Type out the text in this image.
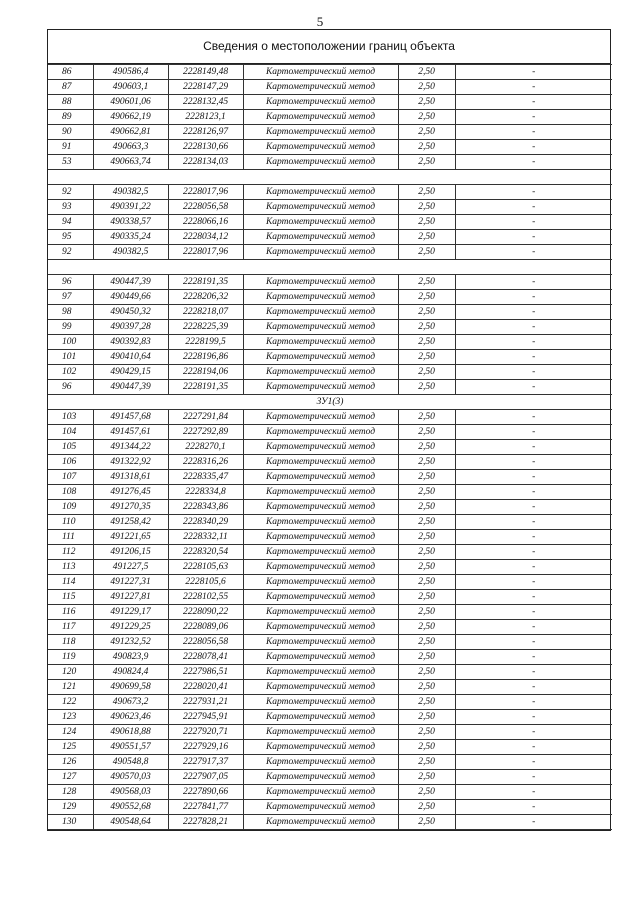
5
Сведения о местоположении границ объекта
86	490586,4	2228149,48	Картометрический метод	2,50	-
87	490603,1	2228147,29	Картометрический метод	2,50	-
88	490601,06	2228132,45	Картометрический метод	2,50	-
89	490662,19	2228123,1	Картометрический метод	2,50	-
90	490662,81	2228126,97	Картометрический метод	2,50	-
91	490663,3	2228130,66	Картометрический метод	2,50	-
53	490663,74	2228134,03	Картометрический метод	2,50	-

92	490382,5	2228017,96	Картометрический метод	2,50	-
93	490391,22	2228056,58	Картометрический метод	2,50	-
94	490338,57	2228066,16	Картометрический метод	2,50	-
95	490335,24	2228034,12	Картометрический метод	2,50	-
92	490382,5	2228017,96	Картометрический метод	2,50	-

96	490447,39	2228191,35	Картометрический метод	2,50	-
97	490449,66	2228206,32	Картометрический метод	2,50	-
98	490450,32	2228218,07	Картометрический метод	2,50	-
99	490397,28	2228225,39	Картометрический метод	2,50	-
100	490392,83	2228199,5	Картометрический метод	2,50	-
101	490410,64	2228196,86	Картометрический метод	2,50	-
102	490429,15	2228194,06	Картометрический метод	2,50	-
96	490447,39	2228191,35	Картометрический метод	2,50	-
ЗУ1(3)					
103	491457,68	2227291,84	Картометрический метод	2,50	-
104	491457,61	2227292,89	Картометрический метод	2,50	-
105	491344,22	2228270,1	Картометрический метод	2,50	-
106	491322,92	2228316,26	Картометрический метод	2,50	-
107	491318,61	2228335,47	Картометрический метод	2,50	-
108	491276,45	2228334,8	Картометрический метод	2,50	-
109	491270,35	2228343,86	Картометрический метод	2,50	-
110	491258,42	2228340,29	Картометрический метод	2,50	-
111	491221,65	2228332,11	Картометрический метод	2,50	-
112	491206,15	2228320,54	Картометрический метод	2,50	-
113	491227,5	2228105,63	Картометрический метод	2,50	-
114	491227,31	2228105,6	Картометрический метод	2,50	-
115	491227,81	2228102,55	Картометрический метод	2,50	-
116	491229,17	2228090,22	Картометрический метод	2,50	-
117	491229,25	2228089,06	Картометрический метод	2,50	-
118	491232,52	2228056,58	Картометрический метод	2,50	-
119	490823,9	2228078,41	Картометрический метод	2,50	-
120	490824,4	2227986,51	Картометрический метод	2,50	-
121	490699,58	2228020,41	Картометрический метод	2,50	-
122	490673,2	2227931,21	Картометрический метод	2,50	-
123	490623,46	2227945,91	Картометрический метод	2,50	-
124	490618,88	2227920,71	Картометрический метод	2,50	-
125	490551,57	2227929,16	Картометрический метод	2,50	-
126	490548,8	2227917,37	Картометрический метод	2,50	-
127	490570,03	2227907,05	Картометрический метод	2,50	-
128	490568,03	2227890,66	Картометрический метод	2,50	-
129	490552,68	2227841,77	Картометрический метод	2,50	-
130	490548,64	2227828,21	Картометрический метод	2,50	-
